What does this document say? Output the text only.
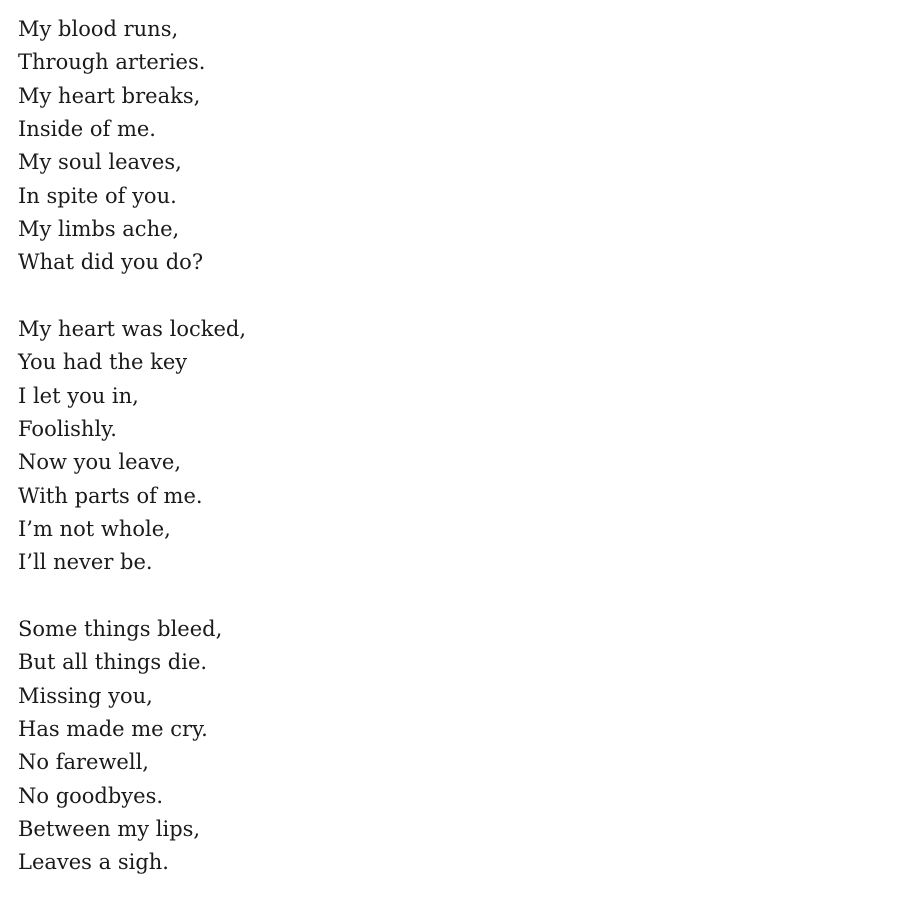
My blood runs,
Through arteries.
My heart breaks,
Inside of me.
My soul leaves,
In spite of you.
My limbs ache,
What did you do?
My heart was locked,
You had the key
I let you in,
Foolishly.
Now you leave,
With parts of me.
I’m not whole,
I’ll never be.
Some things bleed,
But all things die.
Missing you,
Has made me cry.
No farewell,
No goodbyes.
Between my lips,
Leaves a sigh.
